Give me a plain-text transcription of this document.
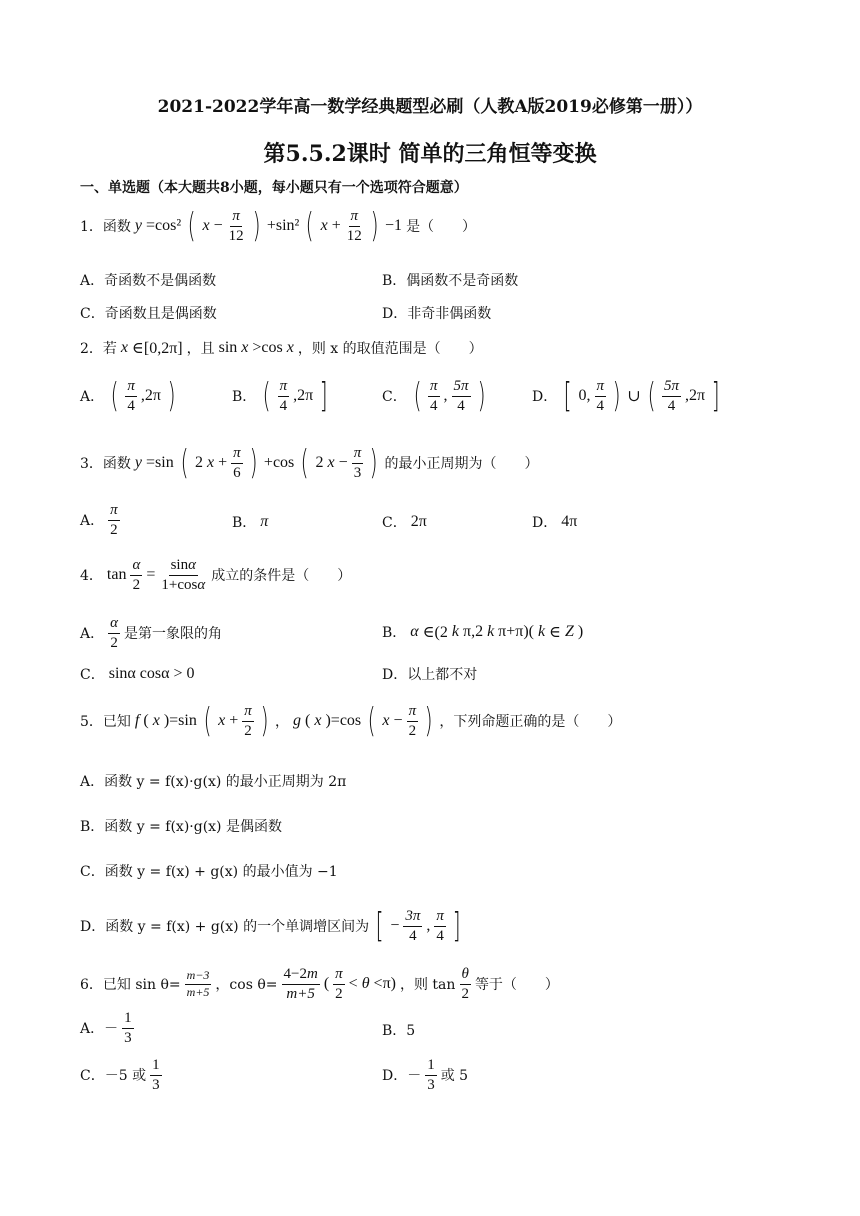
2021-2022学年高一数学经典题型必刷（人教A版2019必修第一册））
第5.5.2课时 简单的三角恒等变换
一、单选题（本大题共8小题，每小题只有一个选项符合题意）
1．函数 y =cos² ( $x - \frac{\pi}{12}$ ) +sin² ( $x + \frac{\pi}{12}$ ) −1 是（　　）
A．奇函数不是偶函数	B．偶函数不是奇函数
C．奇函数且是偶函数	D．非奇非偶函数
2．若 x ∈[0,2π] ，且 sin x >cos x ，则 x 的取值范围是（　　）
A． ( $\frac{\pi}{4} ,2\pi$ )	B． ( $\frac{\pi}{4} ,2\pi$ ]	C． ( $\frac{\pi}{4}$ , $\frac{5\pi}{4}$ )	D． [ 0, $\frac{\pi}{4}$ ) ∪ ( $\frac{5\pi}{4} ,2\pi$ ]
3．函数 y =sin ( 2 $x + \frac{\pi}{6}$ ) +cos ( 2 $x - \frac{\pi}{3}$ ) 的最小正周期为（　　）
A． $\frac{\pi}{2}$	B． π	C． 2π	D． 4π
4． $\tan \frac{\alpha}{2} = \frac{\sin\alpha}{1+\cos\alpha}$ 成立的条件是（　　）
A． $\frac{\alpha}{2}$ 是第一象限的角	B． α ∈(2 k π,2 k π+π)( k ∈ Z )
C． sinα cosα > 0	D．以上都不对
5．已知 f ( x )=sin ( $x + \frac{\pi}{2}$ ) ， g ( x )=cos ( $x - \frac{\pi}{2}$ ) ，下列命题正确的是（　　）
A．函数 y = f(x)·g(x) 的最小正周期为 2π
B．函数 y = f(x)·g(x) 是偶函数
C．函数 y = f(x) + g(x) 的最小值为 −1
D．函数 y = f(x) + g(x) 的一个单调增区间为 [ − $\frac{3\pi}{4}$ , $\frac{\pi}{4}$ ]
6．已知 $\sin \theta= \frac{m-3}{m+5}$ ，$\cos \theta= \frac{4-2m}{m+5}$ ( $\frac{\pi}{2} < \theta <\pi$) ，则 $\tan \frac{\theta}{2}$ 等于（　　）
A．－ $\frac{1}{3}$	B．5
C．－5 或 $\frac{1}{3}$	D．－ $\frac{1}{3}$ 或 5
